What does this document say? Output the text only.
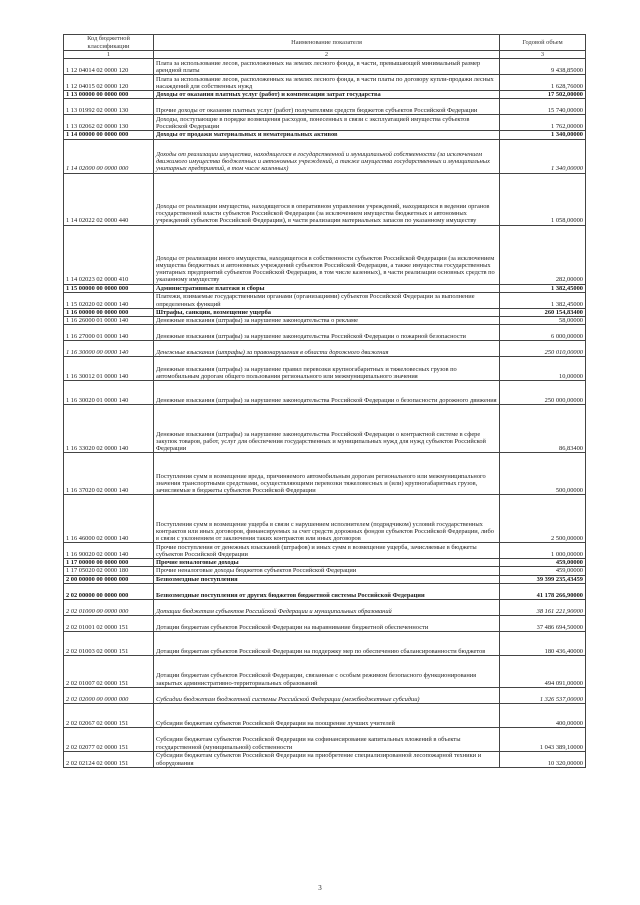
Код бюджетной классификации	Наименование показателя	Годовой объем
1	2	3
1 12 04014 02 0000 120	Плата за использование лесов, расположенных на землях лесного фонда, в части, превышающей минимальный размер арендной платы	9 438,85000
1 12 04015 02 0000 120	Плата за использование лесов, расположенных на землях лесного фонда, в части платы по договору купли-продажи лесных насаждений для собственных нужд	1 628,76000
1 13 00000 00 0000 000	Доходы от оказания платных услуг (работ) и компенсации затрат государства	17 502,00000
1 13 01992 02 0000 130	Прочие доходы от оказания платных услуг (работ) получателями средств бюджетов субъектов Российской Федерации	15 740,00000
1 13 02062 02 0000 130	Доходы, поступающие в порядке возмещения расходов, понесенных в связи с эксплуатацией имущества субъектов Российской Федерации	1 762,00000
1 14 00000 00 0000 000	Доходы от продажи материальных и нематериальных активов	1 340,00000
1 14 02000 00 0000 000	Доходы от реализации имущества, находящегося в государственной и муниципальной собственности (за исключением движимого имущества бюджетных и автономных учреждений, а также имущества государственных и муниципальных унитарных предприятий, в том числе казенных)	1 340,00000
1 14 02022 02 0000 440	Доходы от реализации имущества, находящегося в оперативном управлении учреждений, находящихся в ведении органов государственной власти субъектов Российской Федерации (за исключением имущества бюджетных и автономных учреждений субъектов Российской Федерации), в части реализации материальных запасов по указанному имуществу	1 058,00000
1 14 02023 02 0000 410	Доходы от реализации иного имущества, находящегося в собственности субъектов Российской Федерации (за исключением имущества бюджетных и автономных учреждений субъектов Российской Федерации, а также имущества государственных унитарных предприятий субъектов Российской Федерации, в том числе казенных), в части реализации основных средств по указанному имуществу	282,00000
1 15 00000 00 0000 000	Административные платежи и сборы	1 382,45000
1 15 02020 02 0000 140	Платежи, взимаемые государственными органами (организациями) субъектов Российской Федерации за выполнение определенных функций	1 382,45000
1 16 00000 00 0000 000	Штрафы, санкции, возмещение ущерба	260 154,83400
1 16 26000 01 0000 140	Денежные взыскания (штрафы) за нарушение законодательства о рекламе	58,00000
1 16 27000 01 0000 140	Денежные взыскания (штрафы) за нарушение законодательства Российской Федерации о пожарной безопасности	6 000,00000
1 16 30000 00 0000 140	Денежные взыскания (штрафы) за правонарушения в области дорожного движения	250 010,00000
1 16 30012 01 0000 140	Денежные взыскания (штрафы) за нарушение правил перевозки крупногабаритных и тяжеловесных грузов по автомобильным дорогам общего пользования регионального или межмуниципального значения	10,00000
1 16 30020 01 0000 140	Денежные взыскания (штрафы) за нарушение законодательства Российской Федерации о безопасности дорожного движения	250 000,00000
1 16 33020 02 0000 140	Денежные взыскания (штрафы) за нарушение законодательства Российской Федерации о контрактной системе в сфере закупок товаров, работ, услуг для обеспечения государственных и муниципальных нужд для нужд субъектов Российской Федерации	86,83400
1 16 37020 02 0000 140	Поступления сумм в возмещение вреда, причиняемого автомобильным дорогам регионального или межмуниципального значения транспортными средствами, осуществляющими перевозки тяжеловесных и (или) крупногабаритных грузов, зачисляемые в бюджеты субъектов Российской Федерации	500,00000
1 16 46000 02 0000 140	Поступления сумм в возмещение ущерба в связи с нарушением исполнителем (подрядчиком) условий государственных контрактов или иных договоров, финансируемых за счет средств дорожных фондов субъектов Российской Федерации, либо в связи с уклонением от заключения таких контрактов или иных договоров	2 500,00000
1 16 90020 02 0000 140	Прочие поступления от денежных взысканий (штрафов) и иных сумм в возмещение ущерба, зачисляемые в бюджеты субъектов Российской Федерации	1 000,00000
1 17 00000 00 0000 000	Прочие неналоговые доходы	459,00000
1 17 05020 02 0000 180	Прочие неналоговые доходы бюджетов субъектов Российской Федерации	459,00000
2 00 00000 00 0000 000	Безвозмездные поступления	39 399 235,43459
2 02 00000 00 0000 000	Безвозмездные поступления от других бюджетов бюджетной системы Российской Федерации	41 178 266,90000
2 02 01000 00 0000 000	Дотации бюджетам субъектов Российской Федерации и муниципальных образований	38 161 221,90000
2 02 01001 02 0000 151	Дотации бюджетам субъектов Российской Федерации на выравнивание бюджетной обеспеченности	37 486 694,50000
2 02 01003 02 0000 151	Дотации бюджетам субъектов Российской Федерации на поддержку мер по обеспечению сбалансированности бюджетов	180 436,40000
2 02 01007 02 0000 151	Дотации бюджетам субъектов Российской Федерации, связанные с особым режимом безопасного функционирования закрытых административно-территориальных образований	494 091,00000
2 02 02000 00 0000 000	Субсидии бюджетам бюджетной системы Российской Федерации (межбюджетные субсидии)	1 326 537,00000
2 02 02067 02 0000 151	Субсидии бюджетам субъектов Российской Федерации на поощрение лучших учителей	400,00000
2 02 02077 02 0000 151	Субсидии бюджетам субъектов Российской Федерации на софинансирование капитальных вложений в объекты государственной (муниципальной) собственности	1 043 389,10000
2 02 02124 02 0000 151	Субсидии бюджетам субъектов Российской Федерации на приобретение специализированной лесопожарной техники и оборудования	10 320,00000
3
